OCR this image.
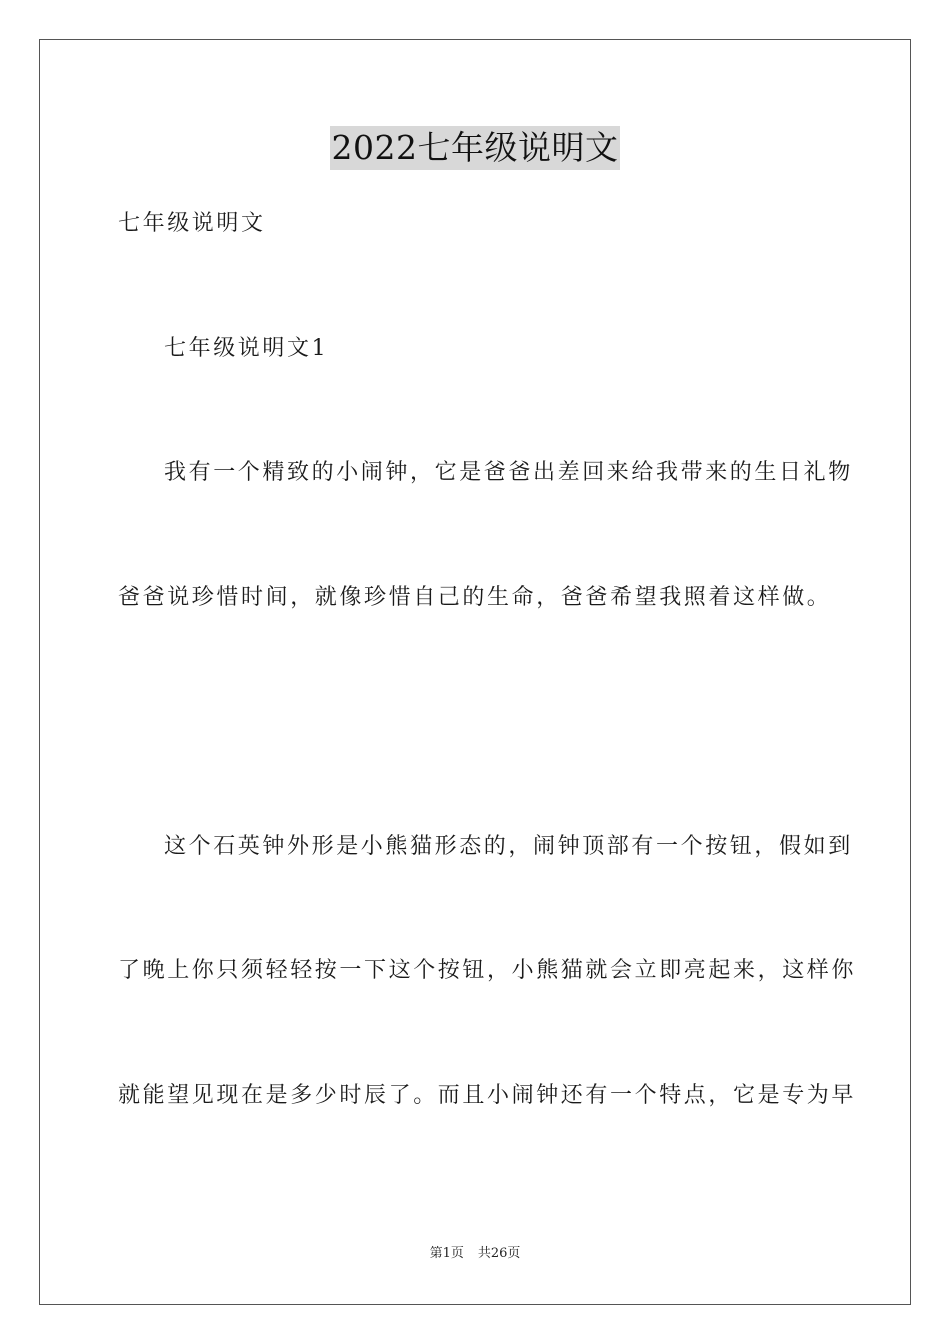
2022七年级说明文
七年级说明文
七年级说明文1
我有一个精致的小闹钟，它是爸爸出差回来给我带来的生日礼物
爸爸说珍惜时间，就像珍惜自己的生命，爸爸希望我照着这样做。
这个石英钟外形是小熊猫形态的，闹钟顶部有一个按钮，假如到
了晚上你只须轻轻按一下这个按钮，小熊猫就会立即亮起来，这样你
就能望见现在是多少时辰了。而且小闹钟还有一个特点，它是专为早
第1页 共26页
